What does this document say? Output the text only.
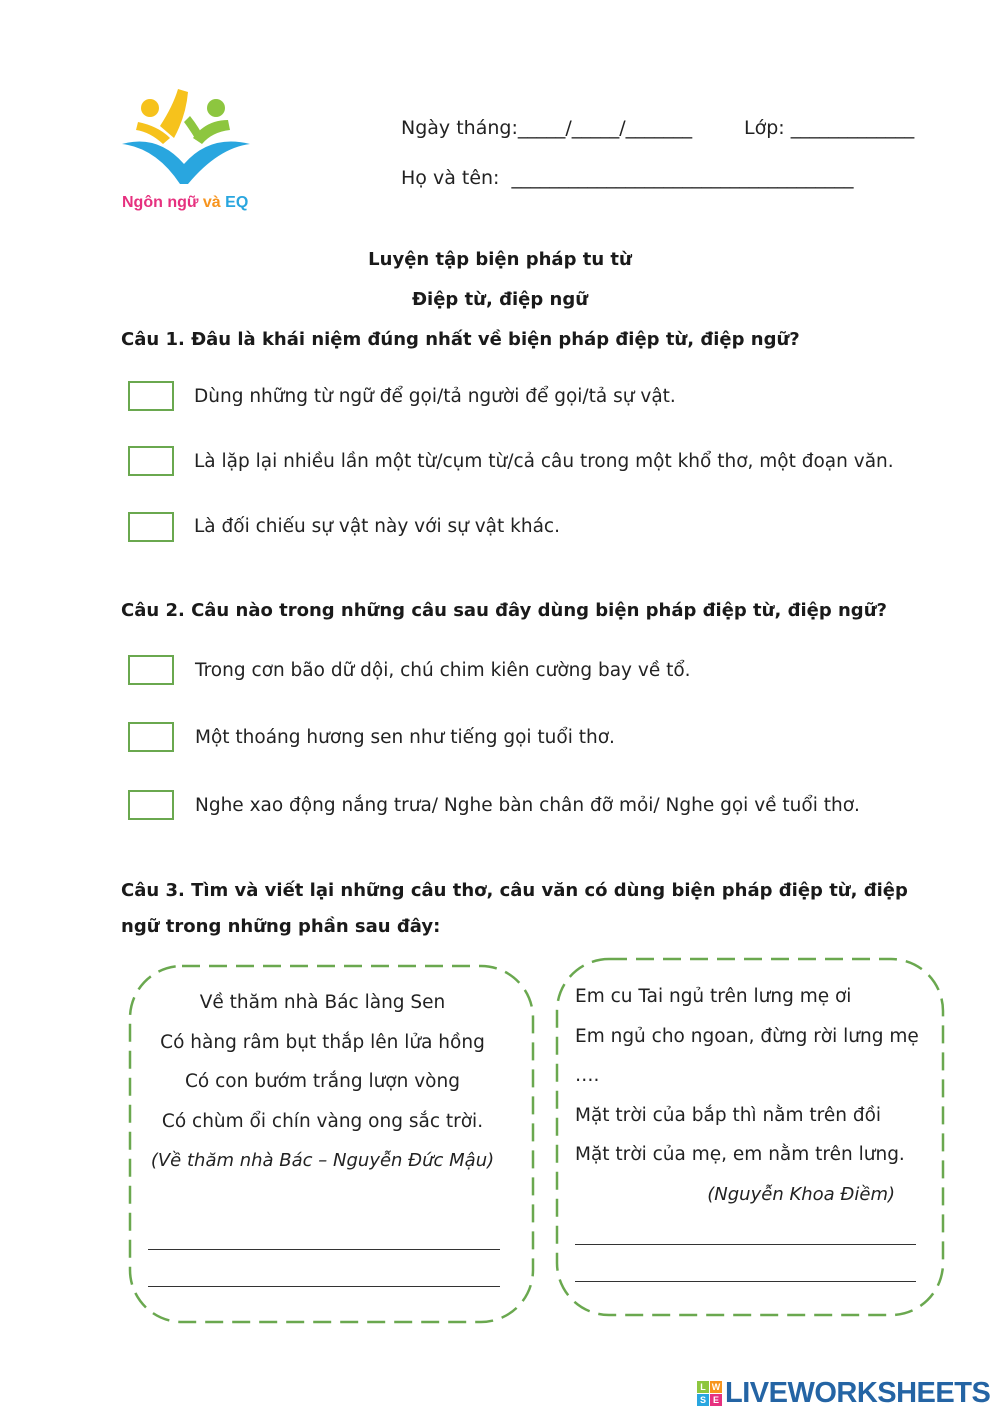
Ngôn ngữ và EQ
Ngày tháng:_____/_____/_______	Lớp: _____________
Họ và tên:  ____________________________________
Luyện tập biện pháp tu từ
Điệp từ, điệp ngữ
Câu 1. Đâu là khái niệm đúng nhất về biện pháp điệp từ, điệp ngữ?
Dùng những từ ngữ để gọi/tả người để gọi/tả sự vật.
Là lặp lại nhiều lần một từ/cụm từ/cả câu trong một khổ thơ, một đoạn văn.
Là đối chiếu sự vật này với sự vật khác.
Câu 2. Câu nào trong những câu sau đây dùng biện pháp điệp từ, điệp ngữ?
Trong cơn bão dữ dội, chú chim kiên cường bay về tổ.
Một thoáng hương sen như tiếng gọi tuổi thơ.
Nghe xao động nắng trưa/ Nghe bàn chân đỡ mỏi/ Nghe gọi về tuổi thơ.
Câu 3. Tìm và viết lại những câu thơ, câu văn có dùng biện pháp điệp từ, điệp
ngữ trong những phần sau đây:
Về thăm nhà Bác làng Sen
Có hàng râm bụt thắp lên lửa hồng
Có con bướm trắng lượn vòng
Có chùm ổi chín vàng ong sắc trời.
(Về thăm nhà Bác – Nguyễn Đức Mậu)
Em cu Tai ngủ trên lưng mẹ ơi
Em ngủ cho ngoan, đừng rời lưng mẹ
….
Mặt trời của bắp thì nằm trên đồi
Mặt trời của mẹ, em nằm trên lưng.
(Nguyễn Khoa Điềm)
L W
S E LIVEWORKSHEETS
